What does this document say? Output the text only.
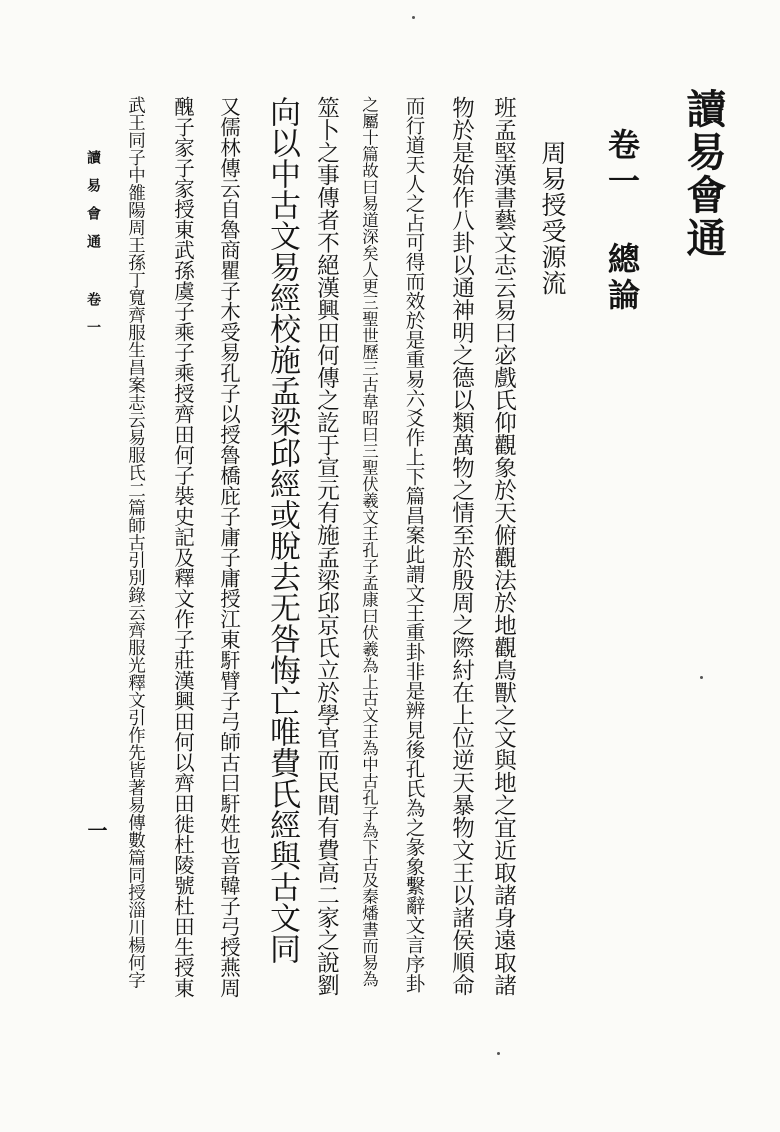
讀易會通
卷一 總論
周易授受源流
班孟堅漢書藝文志云易曰宓戲氏仰觀象於天俯觀法於地觀鳥獸之文與地之宜近取諸身遠取諸
物於是始作八卦以通神明之德以類萬物之情至於殷周之際紂在上位逆天暴物文王以諸侯順命
而行道天人之占可得而效於是重易六爻作上下篇昌案此謂文王重卦非是辨見後孔氏為之彖象繫辭文言序卦
之屬十篇故曰易道深矣人更三聖世歷三古韋昭曰三聖伏羲文王孔子孟康曰伏羲為上古文王為中古孔子為下古及秦燔書而易為
筮卜之事傳者不絕漢興田何傳之訖于宣元有施孟梁邱京氏立於學官而民間有費高二家之說劉
向以中古文易經校施孟梁邱經或脫去无咎悔亡唯費氏經與古文同
又儒林傳云自魯商瞿子木受易孔子以授魯橋庇子庸子庸授江東馯臂子弓師古曰馯姓也音韓子弓授燕周
醜子家子家授東武孫虞子乘子乘授齊田何子裝史記及釋文作子莊漢興田何以齊田徙杜陵號杜田生授東
武王同子中雒陽周王孫丁寬齊服生昌案志云易服氏二篇師古引別錄云齊服光釋文引作先皆著易傳數篇同授淄川楊何字
讀易會通 卷一
一
